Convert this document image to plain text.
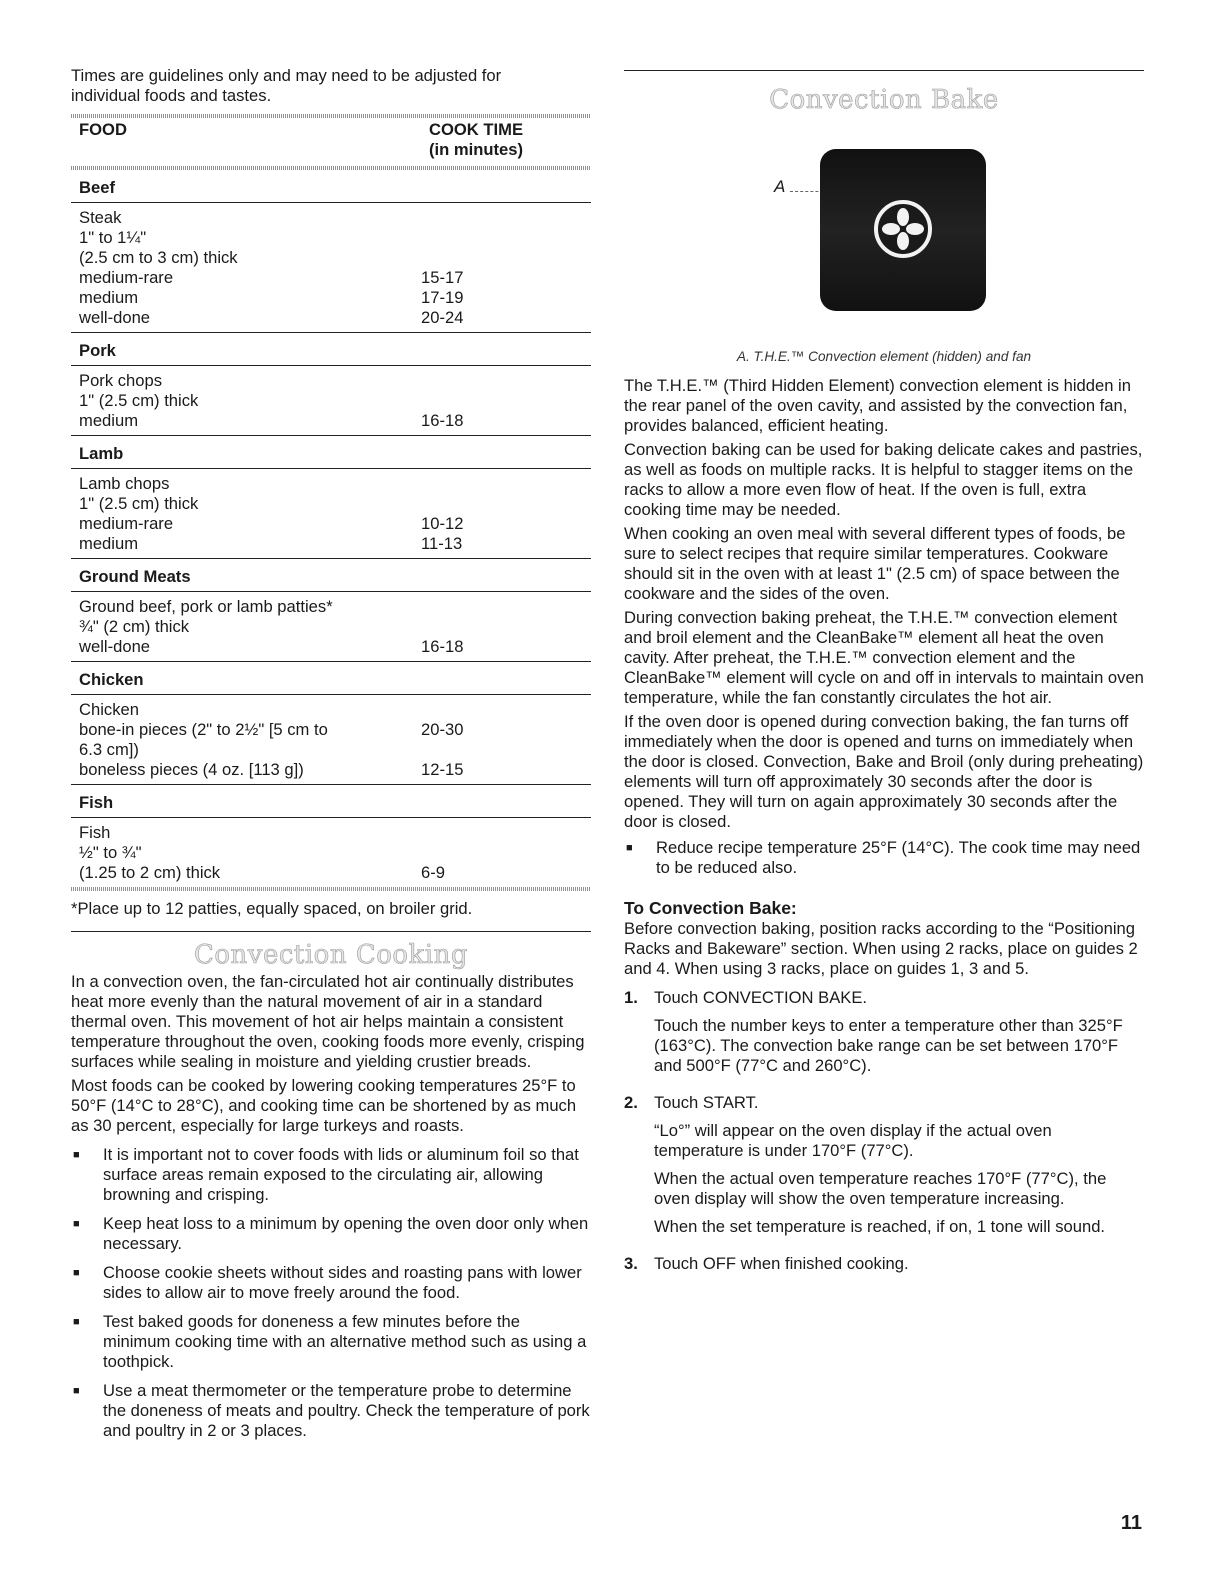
Times are guidelines only and may need to be adjusted for individual foods and tastes.

FOOD	COOK TIME
(in minutes)
Beef
Steak
1" to 1¼"
(2.5 cm to 3 cm) thick
medium-rare	15-17
medium	17-19
well-done	20-24
Pork
Pork chops
1" (2.5 cm) thick
medium	16-18
Lamb
Lamb chops
1" (2.5 cm) thick
medium-rare	10-12
medium	11-13
Ground Meats
Ground beef, pork or lamb patties*
¾" (2 cm) thick
well-done	16-18
Chicken
Chicken
bone-in pieces (2" to 2½" [5 cm to	20-30
6.3 cm])
boneless pieces (4 oz. [113 g])	12-15
Fish
Fish
½" to ¾"
(1.25 to 2 cm) thick	6-9

*Place up to 12 patties, equally spaced, on broiler grid.

Convection Cooking

In a convection oven, the fan-circulated hot air continually distributes heat more evenly than the natural movement of air in a standard thermal oven. This movement of hot air helps maintain a consistent temperature throughout the oven, cooking foods more evenly, crisping surfaces while sealing in moisture and yielding crustier breads.

Most foods can be cooked by lowering cooking temperatures 25°F to 50°F (14°C to 28°C), and cooking time can be shortened by as much as 30 percent, especially for large turkeys and roasts.

■	It is important not to cover foods with lids or aluminum foil so that surface areas remain exposed to the circulating air, allowing browning and crisping.
■	Keep heat loss to a minimum by opening the oven door only when necessary.
■	Choose cookie sheets without sides and roasting pans with lower sides to allow air to move freely around the food.
■	Test baked goods for doneness a few minutes before the minimum cooking time with an alternative method such as using a toothpick.
■	Use a meat thermometer or the temperature probe to determine the doneness of meats and poultry. Check the temperature of pork and poultry in 2 or 3 places.
Convection Bake
A
A. T.H.E.™ Convection element (hidden) and fan

The T.H.E.™ (Third Hidden Element) convection element is hidden in the rear panel of the oven cavity, and assisted by the convection fan, provides balanced, efficient heating.

Convection baking can be used for baking delicate cakes and pastries, as well as foods on multiple racks. It is helpful to stagger items on the racks to allow a more even flow of heat. If the oven is full, extra cooking time may be needed.

When cooking an oven meal with several different types of foods, be sure to select recipes that require similar temperatures. Cookware should sit in the oven with at least 1" (2.5 cm) of space between the cookware and the sides of the oven.

During convection baking preheat, the T.H.E.™ convection element and broil element and the CleanBake™ element all heat the oven cavity. After preheat, the T.H.E.™ convection element and the CleanBake™ element will cycle on and off in intervals to maintain oven temperature, while the fan constantly circulates the hot air.

If the oven door is opened during convection baking, the fan turns off immediately when the door is opened and turns on immediately when the door is closed. Convection, Bake and Broil (only during preheating) elements will turn off approximately 30 seconds after the door is opened. They will turn on again approximately 30 seconds after the door is closed.

■	Reduce recipe temperature 25°F (14°C). The cook time may need to be reduced also.

To Convection Bake:

Before convection baking, position racks according to the “Positioning Racks and Bakeware” section. When using 2 racks, place on guides 2 and 4. When using 3 racks, place on guides 1, 3 and 5.

1. Touch CONVECTION BAKE.

Touch the number keys to enter a temperature other than 325°F (163°C). The convection bake range can be set between 170°F and 500°F (77°C and 260°C).

2. Touch START.

“Lo°” will appear on the oven display if the actual oven temperature is under 170°F (77°C).

When the actual oven temperature reaches 170°F (77°C), the oven display will show the oven temperature increasing.

When the set temperature is reached, if on, 1 tone will sound.

3. Touch OFF when finished cooking.

11
